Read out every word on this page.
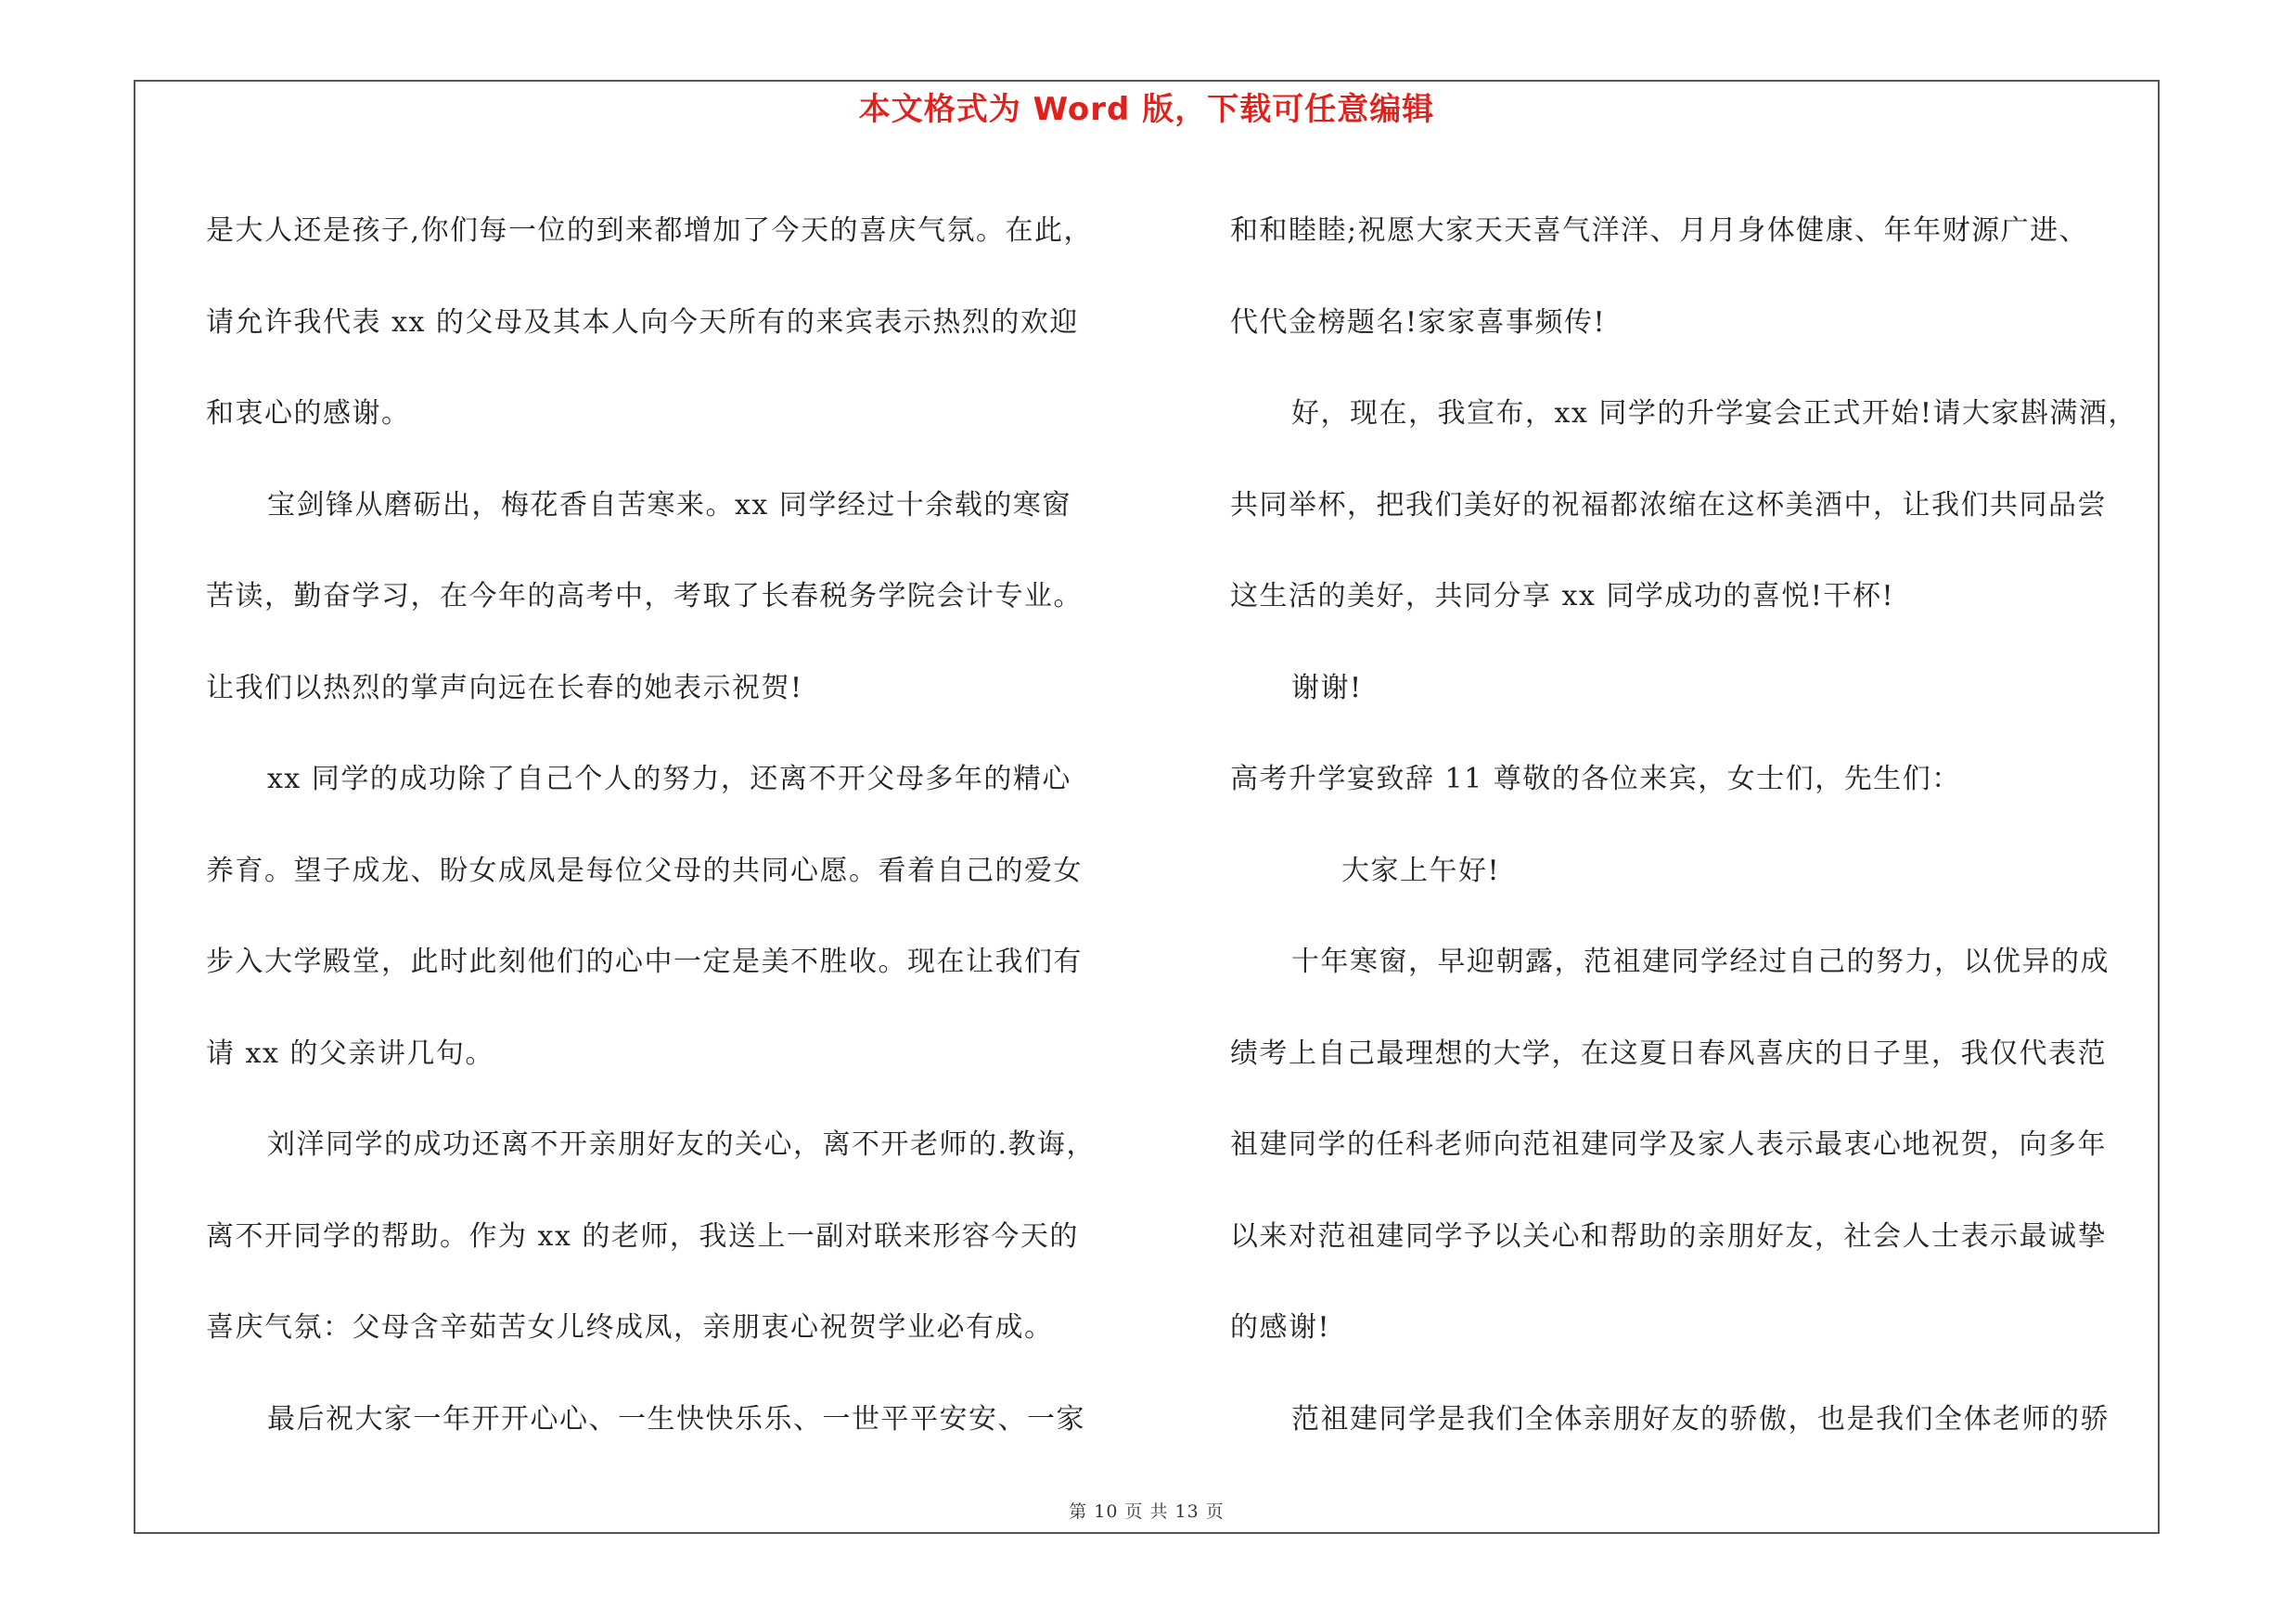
本文格式为 Word 版，下载可任意编辑

是大人还是孩子,你们每一位的到来都增加了今天的喜庆气氛。在此，

请允许我代表 xx 的父母及其本人向今天所有的来宾表示热烈的欢迎

和衷心的感谢。

宝剑锋从磨砺出，梅花香自苦寒来。xx 同学经过十余载的寒窗

苦读，勤奋学习，在今年的高考中，考取了长春税务学院会计专业。

让我们以热烈的掌声向远在长春的她表示祝贺!

xx 同学的成功除了自己个人的努力，还离不开父母多年的精心

养育。望子成龙、盼女成凤是每位父母的共同心愿。看着自己的爱女

步入大学殿堂，此时此刻他们的心中一定是美不胜收。现在让我们有

请 xx 的父亲讲几句。

刘洋同学的成功还离不开亲朋好友的关心，离不开老师的.教诲，

离不开同学的帮助。作为 xx 的老师，我送上一副对联来形容今天的

喜庆气氛：父母含辛茹苦女儿终成凤，亲朋衷心祝贺学业必有成。

最后祝大家一年开开心心、一生快快乐乐、一世平平安安、一家

和和睦睦;祝愿大家天天喜气洋洋、月月身体健康、年年财源广进、

代代金榜题名!家家喜事频传!

好，现在，我宣布，xx 同学的升学宴会正式开始!请大家斟满酒，

共同举杯，把我们美好的祝福都浓缩在这杯美酒中，让我们共同品尝

这生活的美好，共同分享 xx 同学成功的喜悦!干杯!

谢谢!

高考升学宴致辞 11 尊敬的各位来宾，女士们，先生们：

大家上午好!

十年寒窗，早迎朝露，范祖建同学经过自己的努力，以优异的成

绩考上自己最理想的大学，在这夏日春风喜庆的日子里，我仅代表范

祖建同学的任科老师向范祖建同学及家人表示最衷心地祝贺，向多年

以来对范祖建同学予以关心和帮助的亲朋好友，社会人士表示最诚挚

的感谢!

范祖建同学是我们全体亲朋好友的骄傲，也是我们全体老师的骄

第 10 页 共 13 页
